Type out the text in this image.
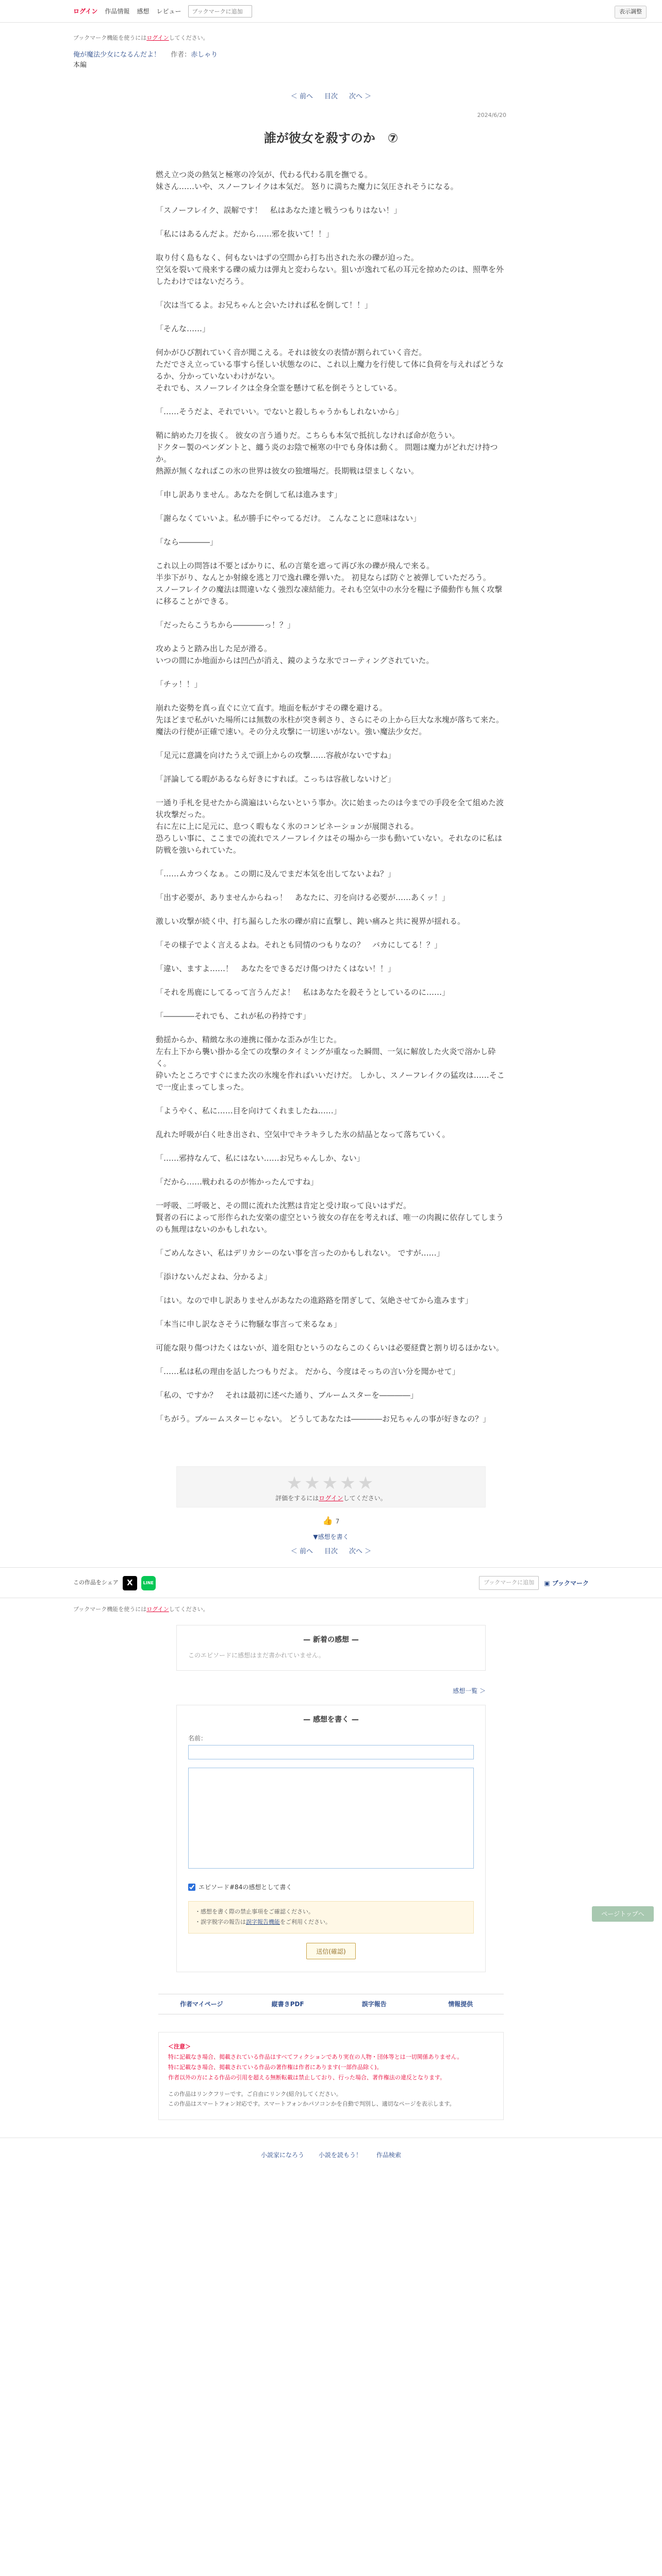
ログイン 作品情報 感想 レビュー
ブックマークに追加	表示調整
ブックマーク機能を使うにはログインしてください。
俺が魔法少女になるんだよ！ 作者：赤しゃり
本編
＜ 前へ 目次 次へ ＞
2024/6/20
誰が彼女を殺すのか　⑦

燃え立つ炎の熱気と極寒の冷気が、代わる代わる肌を撫でる。

妹さん……いや、スノーフレイクは本気だ。 怒りに満ちた魔力に気圧されそうになる。

「スノーフレイク、誤解です！　私はあなた達と戦うつもりはない！」

「私にはあるんだよ。だから……邪を抜いて！！」

取り付く島もなく、何もないはずの空間から打ち出された氷の礫が迫った。

空気を裂いて飛来する礫の威力は弾丸と変わらない。狙いが逸れて私の耳元を掠めたのは、照準を外したわけではないだろう。

「次は当てるよ。お兄ちゃんと会いたければ私を倒して！！」

「そんな……」

何かがひび割れていく音が聞こえる。それは彼女の表情が割られていく音だ。

ただでさえ立っている事すら怪しい状態なのに、これ以上魔力を行使して体に負荷を与えればどうなるか、分かっていないわけがない。

それでも、スノーフレイクは全身全霊を懸けて私を倒そうとしている。

「……そうだよ、それでいい。でないと殺しちゃうかもしれないから」

鞘に納めた刀を抜く。 彼女の言う通りだ。こちらも本気で抵抗しなければ命が危うい。

ドクター製のペンダントと、纏う炎のお陰で極寒の中でも身体は動く。 問題は魔力がどれだけ持つか。

熱源が無くなればこの氷の世界は彼女の独壇場だ。長期戦は望ましくない。

「申し訳ありません。あなたを倒して私は進みます」

「謝らなくていいよ。私が勝手にやってるだけ。 こんなことに意味はない」

「なら――――」

これ以上の問答は不要とばかりに、私の言葉を遮って再び氷の礫が飛んで来る。

半歩下がり、なんとか射線を逃と刀で逸れ礫を弾いた。 初見ならば防ぐと被弾していただろう。

スノーフレイクの魔法は間違いなく強烈な凍結能力。それも空気中の水分を糧に予備動作も無く攻撃に移ることができる。

「だったらこうちから――――っ！？」

攻めようと踏み出した足が滑る。

いつの間にか地面からは凹凸が消え、鏡のような氷でコーティングされていた。

「チッ！！」

崩れた姿勢を真っ直ぐに立て直す。地面を転がすその礫を避ける。

先ほどまで私がいた場所には無数の氷柱が突き刺さり、さらにその上から巨大な氷塊が落ちて来た。

魔法の行使が正確で速い。その分え攻撃に一切迷いがない。強い魔法少女だ。

「足元に意識を向けたうえで頭上からの攻撃……容赦がないですね」

「評論してる暇があるなら好きにすれば。こっちは容赦しないけど」

一通り手札を見せたから満遍はいらないという事か。次に始まったのは今までの手段を全て組めた波状攻撃だった。

右に左に上に足元に、息つく暇もなく氷のコンビネーションが展開される。

恐ろしい事に、ここまでの流れでスノーフレイクはその場から一歩も動いていない。それなのに私は防戦を強いられていた。

「……ムカつくなぁ。この期に及んでまだ本気を出してないよね？」

「出す必要が、ありませんからねっ！　あなたに、刃を向ける必要が……あくッ！」

激しい攻撃が続く中、打ち漏らした氷の礫が肩に直撃し、鈍い痛みと共に視界が揺れる。

「その様子でよく言えるよね。それとも同情のつもりなの？　バカにしてる！？」

「違い、ますよ……！　あなたをできるだけ傷つけたくはない！！」

「それを馬鹿にしてるって言うんだよ！　私はあなたを殺そうとしているのに……」

「――――それでも、これが私の矜持です」

動揺からか、精緻な氷の連携に僅かな歪みが生じた。

左右上下から襲い掛かる全ての攻撃のタイミングが重なった瞬間、一気に解放した火炎で溶かし砕く。

砕いたところですぐにまた次の氷塊を作ればいいだけだ。 しかし、スノーフレイクの猛攻は……そこで一度止まってしまった。

「ようやく、私に……目を向けてくれましたね……」

乱れた呼吸が白く吐き出され、空気中でキラキラした氷の結晶となって落ちていく。

「……邪持なんて、私にはない……お兄ちゃんしか、ない」

「だから……戦われるのが怖かったんですね」

一呼吸、二呼吸と、その間に流れた沈黙は肯定と受け取って良いはずだ。

賢者の石によって形作られた安楽の虚空という彼女の存在を考えれば、唯一の肉親に依存してしまうのも無理はないのかもしれない。

「ごめんなさい、私はデリカシーのない事を言ったのかもしれない。 ですが……」

「添けないんだよね、分かるよ」

「はい。なので申し訳ありませんがあなたの進路路を閉ぎして、気絶させてから進みます」

「本当に申し訳なさそうに物騒な事言って来るなぁ」

可能な限り傷つけたくはないが、道を阻むというのならこのくらいは必要経費と割り切るほかない。

「……私は私の理由を話したつもりだよ。 だから、今度はそっちの言い分を聞かせて」

「私の、ですか？　それは最初に述べた通り、ブルームスターを――――」

「ちがう。ブルームスターじゃない。 どうしてあなたは――――お兄ちゃんの事が好きなの？」

ページトップへ
★★★★★
評価をするにはログインしてください。
👍 7
▼感想を書く
＜ 前へ 目次 次へ ＞
この作品をシェア	X	LINE	ブックマークに追加	▣ ブックマーク
ブックマーク機能を使うにはログインしてください。
— 新着の感想 —
このエピソードに感想はまだ書かれていません。
感想一覧 ＞
— 感想を書く —
名前：

エピソード#84の感想として書く
・感想を書く際の禁止事項をご確認ください。
・誤字脱字の報告は誤字報告機能をご利用ください。
送信(確認)
作者マイページ	縦書きPDF	誤字報告	情報提供
＜注意＞
特に記載なき場合、掲載されている作品はすべてフィクションであり実在の人物・団体等とは一切関係ありません。
特に記載なき場合、掲載されている作品の著作権は作者にあります(一部作品除く)。
作者以外の方による作品の引用を超える無断転載は禁止しており、行った場合、著作権法の違反となります。
この作品はリンクフリーです。ご自由にリンク(紹介)してください。
この作品はスマートフォン対応です。スマートフォンかパソコンかを自動で判別し、適切なページを表示します。
小説家になろう 小説を読もう！ 作品検索
